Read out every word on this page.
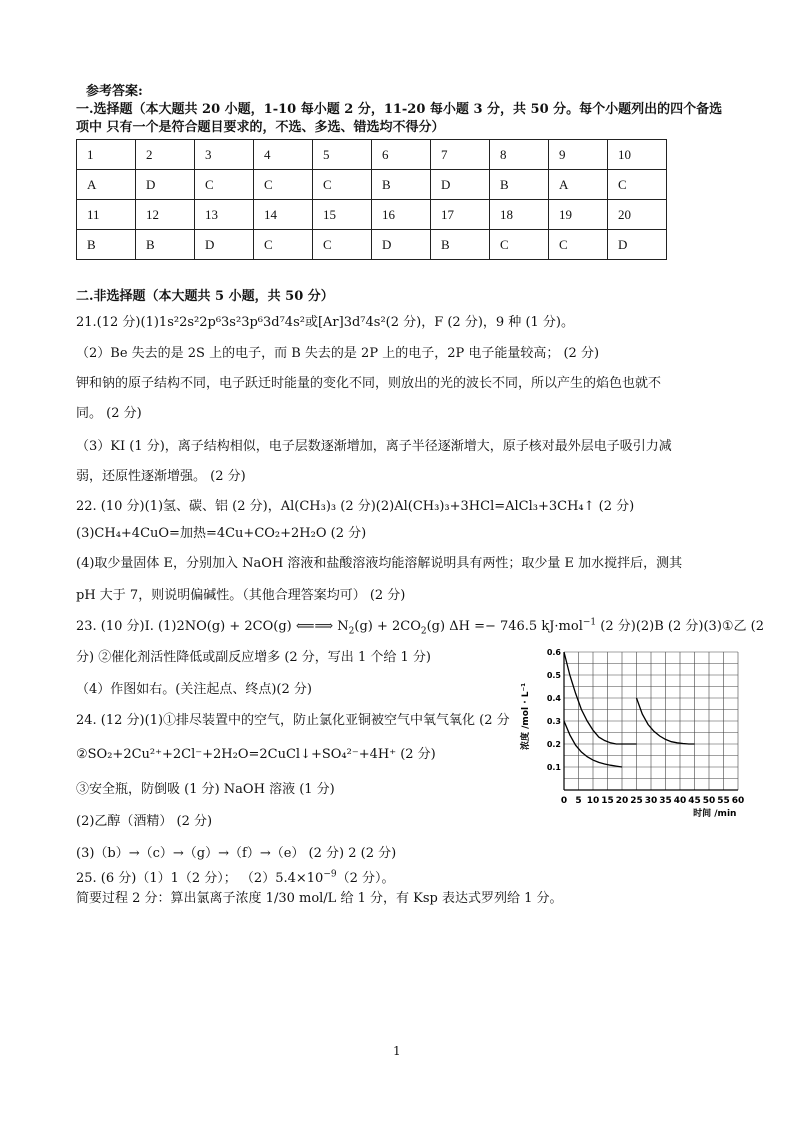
参考答案:
一.选择题（本大题共 20 小题，1-10 每小题 2 分，11-20 每小题 3 分，共 50 分。每个小题列出的四个备选
项中 只有一个是符合题目要求的，不选、多选、错选均不得分）
1	2	3	4	5	6	7	8	9	10
A	D	C	C	C	B	D	B	A	C
11	12	13	14	15	16	17	18	19	20
B	B	D	C	C	D	B	C	C	D
二.非选择题（本大题共 5 小题，共 50 分）
21.(12 分)(1)1s²2s²2p⁶3s²3p⁶3d⁷4s²或[Ar]3d⁷4s²(2 分)，F (2 分)，9 种 (1 分)。
（2）Be 失去的是 2S 上的电子，而 B 失去的是 2P 上的电子，2P 电子能量较高； (2 分)
钾和钠的原子结构不同，电子跃迁时能量的变化不同，则放出的光的波长不同，所以产生的焰色也就不
同。 (2 分)
（3）KI (1 分)，离子结构相似，电子层数逐渐增加，离子半径逐渐增大，原子核对最外层电子吸引力减
弱，还原性逐渐增强。 (2 分)
22. (10 分)(1)氢、碳、铝 (2 分)，Al(CH₃)₃ (2 分)(2)Al(CH₃)₃+3HCl=AlCl₃+3CH₄↑ (2 分)
(3)CH₄+4CuO=加热=4Cu+CO₂+2H₂O (2 分)
(4)取少量固体 E，分别加入 NaOH 溶液和盐酸溶液均能溶解说明具有两性；取少量 E 加水搅拌后，测其
pH 大于 7，则说明偏碱性。（其他合理答案均可） (2 分)
23. (10 分)I. (1)2NO(g) + 2CO(g) ⟸⟹ $N_2(g) + 2CO_2(g) \Delta H =- 746.5$ kJ·mol$^{-1}$ (2 分)(2)B (2 分)(3)①乙 (2
分) ②催化剂活性降低或副反应增多 (2 分，写出 1 个给 1 分)
（4）作图如右。(关注起点、终点)(2 分)
24. (12 分)(1)①排尽装置中的空气，防止氯化亚铜被空气中氧气氧化 (2 分
②SO₂+2Cu²⁺+2Cl⁻+2H₂O=2CuCl↓+SO₄²⁻+4H⁺ (2 分)
③安全瓶，防倒吸 (1 分) NaOH 溶液 (1 分)
(2)乙醇（酒精） (2 分)
(3)（b）→（c）→（g）→（f）→（e） (2 分) 2 (2 分)
25. (6 分)（1）1（2 分）； $(2)5.4\times 10^{-9}(2$ 分）。
简要过程 2 分：算出氯离子浓度 1/30 mol/L 给 1 分，有 Ksp 表达式罗列给 1 分。
0 5 10 15 20 25 30 35 40 45 50 55 60
0.1
0.2
0.3
0.4
0.5
0.6
时间 /min
浓度 /mol · L⁻¹
1
